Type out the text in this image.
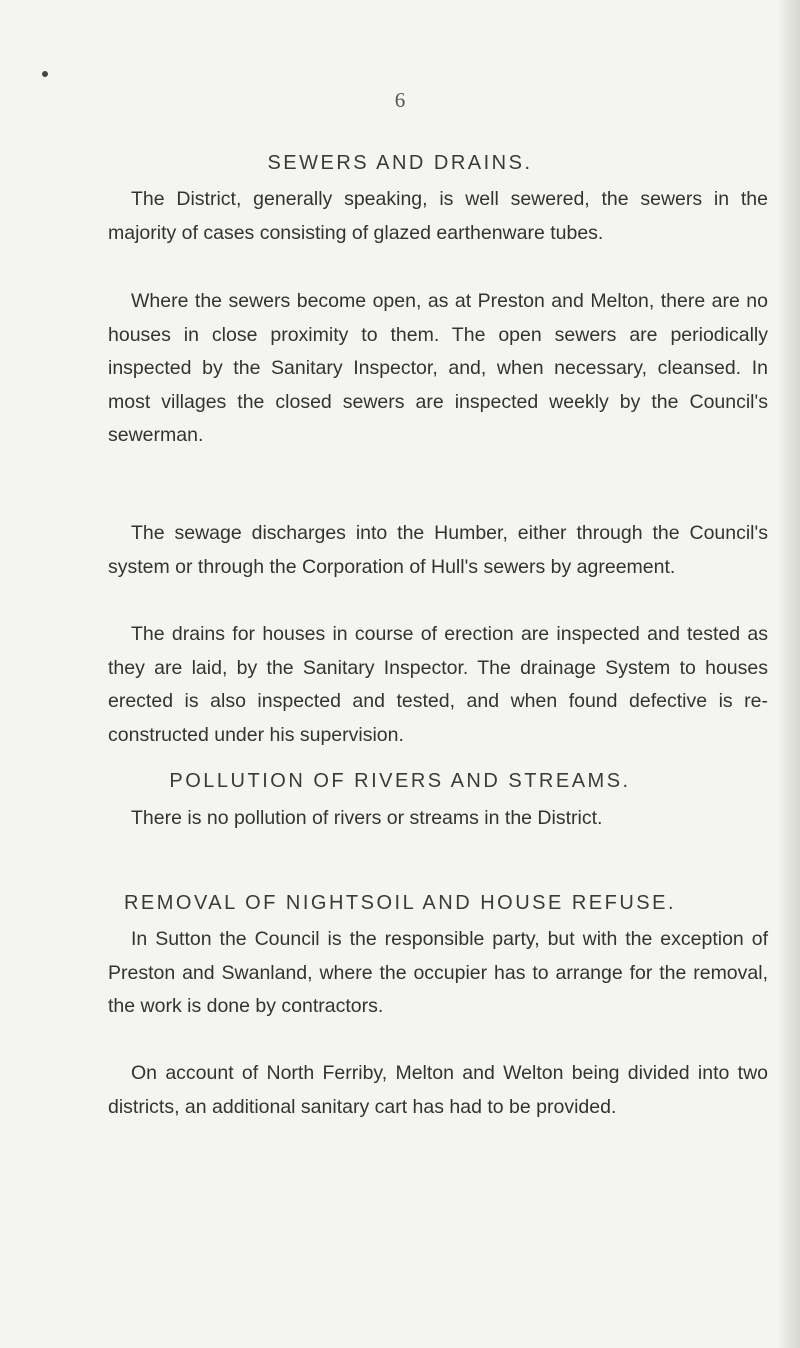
6
SEWERS AND DRAINS.

The District, generally speaking, is well sewered, the sewers in the majority of cases consisting of glazed earthenware tubes.

Where the sewers become open, as at Preston and Melton, there are no houses in close proximity to them. The open sewers are periodically inspected by the Sanitary Inspector, and, when necessary, cleansed. In most villages the closed sewers are inspected weekly by the Council's sewerman.

The sewage discharges into the Humber, either through the Council's system or through the Corporation of Hull's sewers by agreement.

The drains for houses in course of erection are inspected and tested as they are laid, by the Sanitary Inspector. The drainage System to houses erected is also inspected and tested, and when found defective is re-constructed under his supervision.

POLLUTION OF RIVERS AND STREAMS.

There is no pollution of rivers or streams in the District.

REMOVAL OF NIGHTSOIL AND HOUSE REFUSE.

In Sutton the Council is the responsible party, but with the exception of Preston and Swanland, where the occupier has to arrange for the removal, the work is done by contractors.

On account of North Ferriby, Melton and Welton being divided into two districts, an additional sanitary cart has had to be provided.
